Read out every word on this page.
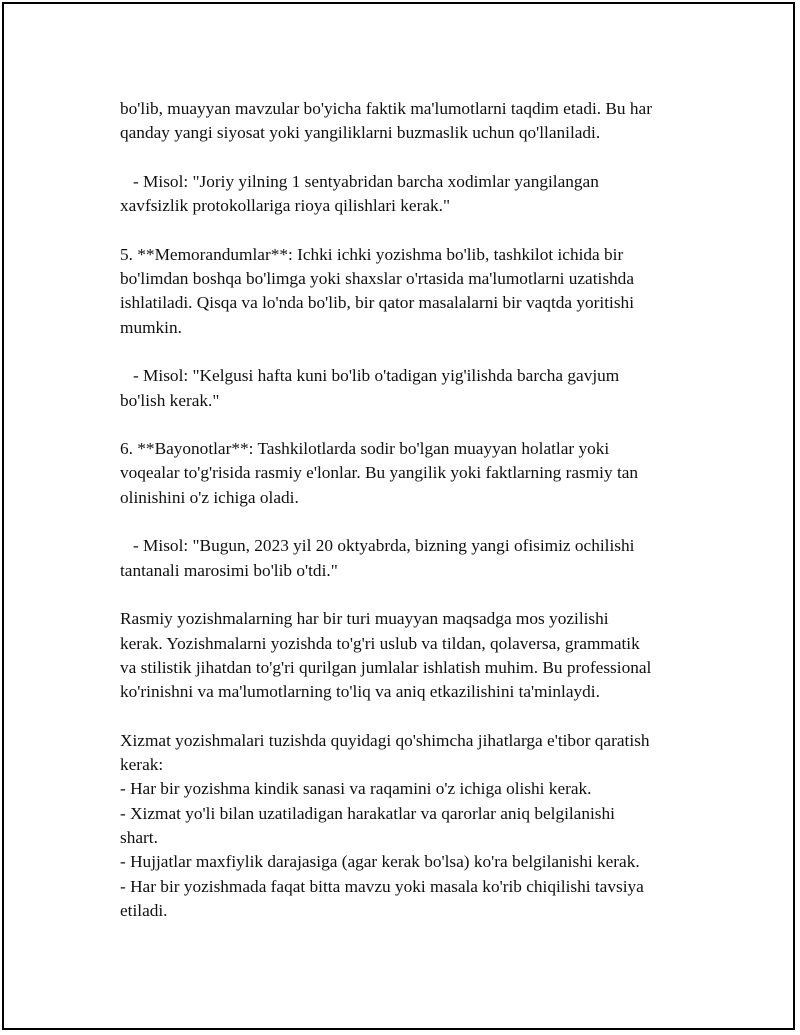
bo'lib, muayyan mavzular bo'yicha faktik ma'lumotlarni taqdim etadi. Bu har

qanday yangi siyosat yoki yangiliklarni buzmaslik uchun qo'llaniladi.

- Misol: "Joriy yilning 1 sentyabridan barcha xodimlar yangilangan

xavfsizlik protokollariga rioya qilishlari kerak."

5. **Memorandumlar**: Ichki ichki yozishma bo'lib, tashkilot ichida bir

bo'limdan boshqa bo'limga yoki shaxslar o'rtasida ma'lumotlarni uzatishda

ishlatiladi. Qisqa va lo'nda bo'lib, bir qator masalalarni bir vaqtda yoritishi

mumkin.

- Misol: "Kelgusi hafta kuni bo'lib o'tadigan yig'ilishda barcha gavjum

bo'lish kerak."

6. **Bayonotlar**: Tashkilotlarda sodir bo'lgan muayyan holatlar yoki

voqealar to'g'risida rasmiy e'lonlar. Bu yangilik yoki faktlarning rasmiy tan

olinishini o'z ichiga oladi.

- Misol: "Bugun, 2023 yil 20 oktyabrda, bizning yangi ofisimiz ochilishi

tantanali marosimi bo'lib o'tdi."

Rasmiy yozishmalarning har bir turi muayyan maqsadga mos yozilishi

kerak. Yozishmalarni yozishda to'g'ri uslub va tildan, qolaversa, grammatik

va stilistik jihatdan to'g'ri qurilgan jumlalar ishlatish muhim. Bu professional

ko'rinishni va ma'lumotlarning to'liq va aniq etkazilishini ta'minlaydi.

Xizmat yozishmalari tuzishda quyidagi qo'shimcha jihatlarga e'tibor qaratish

kerak:

- Har bir yozishma kindik sanasi va raqamini o'z ichiga olishi kerak.

- Xizmat yo'li bilan uzatiladigan harakatlar va qarorlar aniq belgilanishi

shart.

- Hujjatlar maxfiylik darajasiga (agar kerak bo'lsa) ko'ra belgilanishi kerak.

- Har bir yozishmada faqat bitta mavzu yoki masala ko'rib chiqilishi tavsiya

etiladi.
